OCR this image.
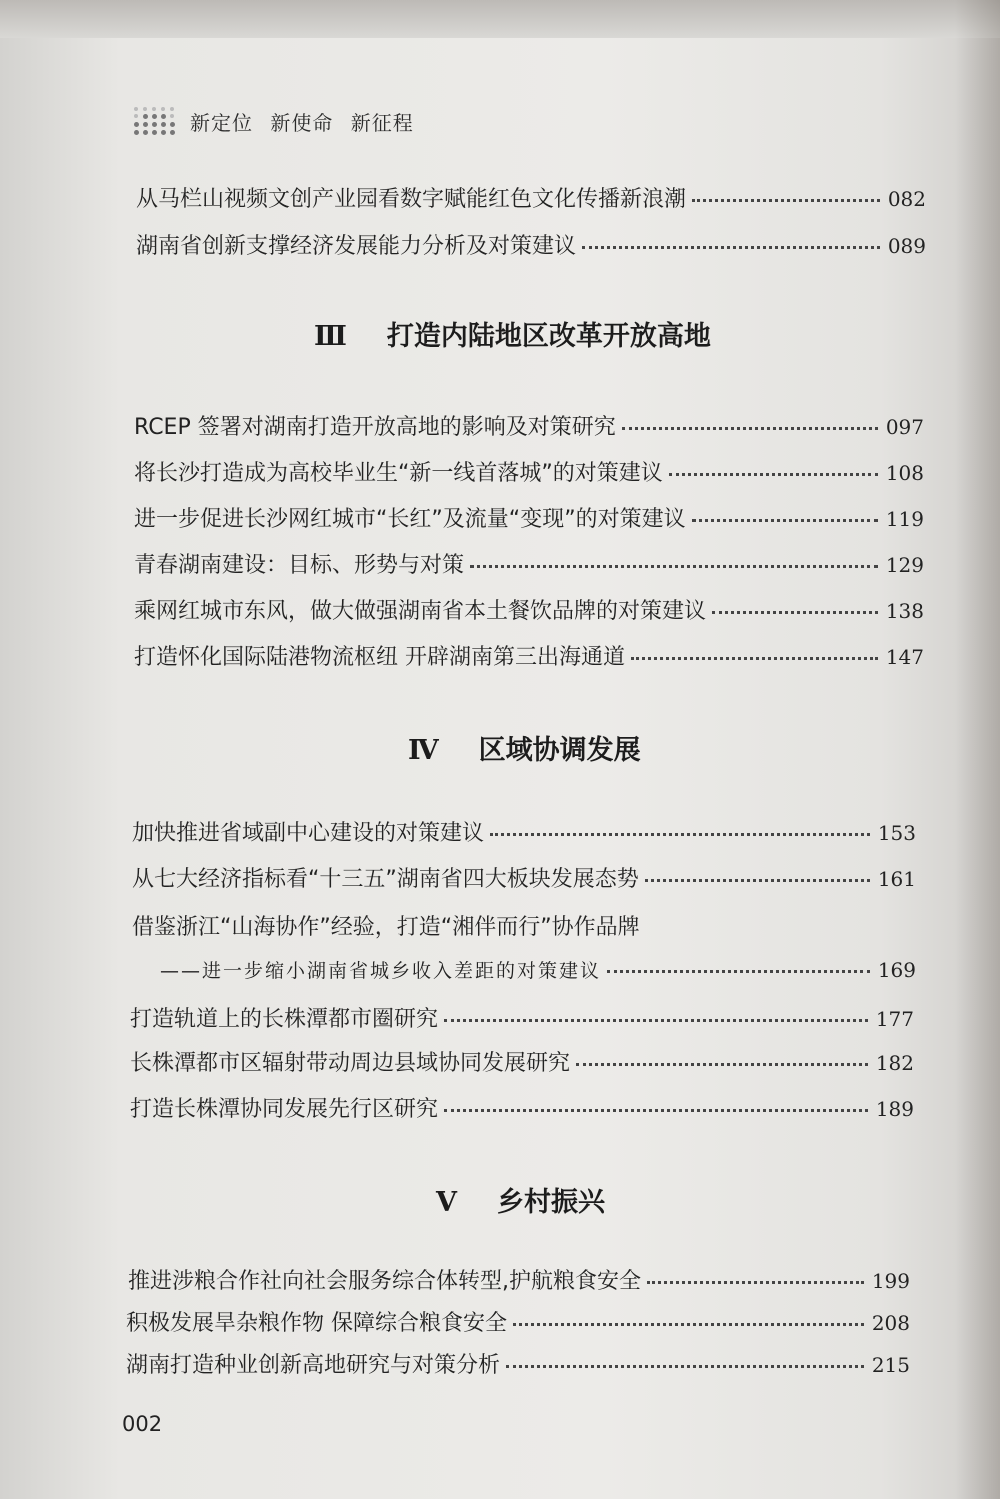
新定位 新使命 新征程
从马栏山视频文创产业园看数字赋能红色文化传播新浪潮	082
湖南省创新支撑经济发展能力分析及对策建议	089
Ⅲ 打造内陆地区改革开放高地
RCEP 签署对湖南打造开放高地的影响及对策研究	097
将长沙打造成为高校毕业生“新一线首落城”的对策建议	108
进一步促进长沙网红城市“长红”及流量“变现”的对策建议	119
青春湖南建设：目标、形势与对策	129
乘网红城市东风，做大做强湖南省本土餐饮品牌的对策建议	138
打造怀化国际陆港物流枢纽 开辟湖南第三出海通道	147
Ⅳ 区域协调发展
加快推进省域副中心建设的对策建议	153
从七大经济指标看“十三五”湖南省四大板块发展态势	161
借鉴浙江“山海协作”经验，打造“湘伴而行”协作品牌
——进一步缩小湖南省城乡收入差距的对策建议	169
打造轨道上的长株潭都市圈研究	177
长株潭都市区辐射带动周边县域协同发展研究	182
打造长株潭协同发展先行区研究	189
Ⅴ 乡村振兴
推进涉粮合作社向社会服务综合体转型,护航粮食安全	199
积极发展旱杂粮作物 保障综合粮食安全	208
湖南打造种业创新高地研究与对策分析	215
002
